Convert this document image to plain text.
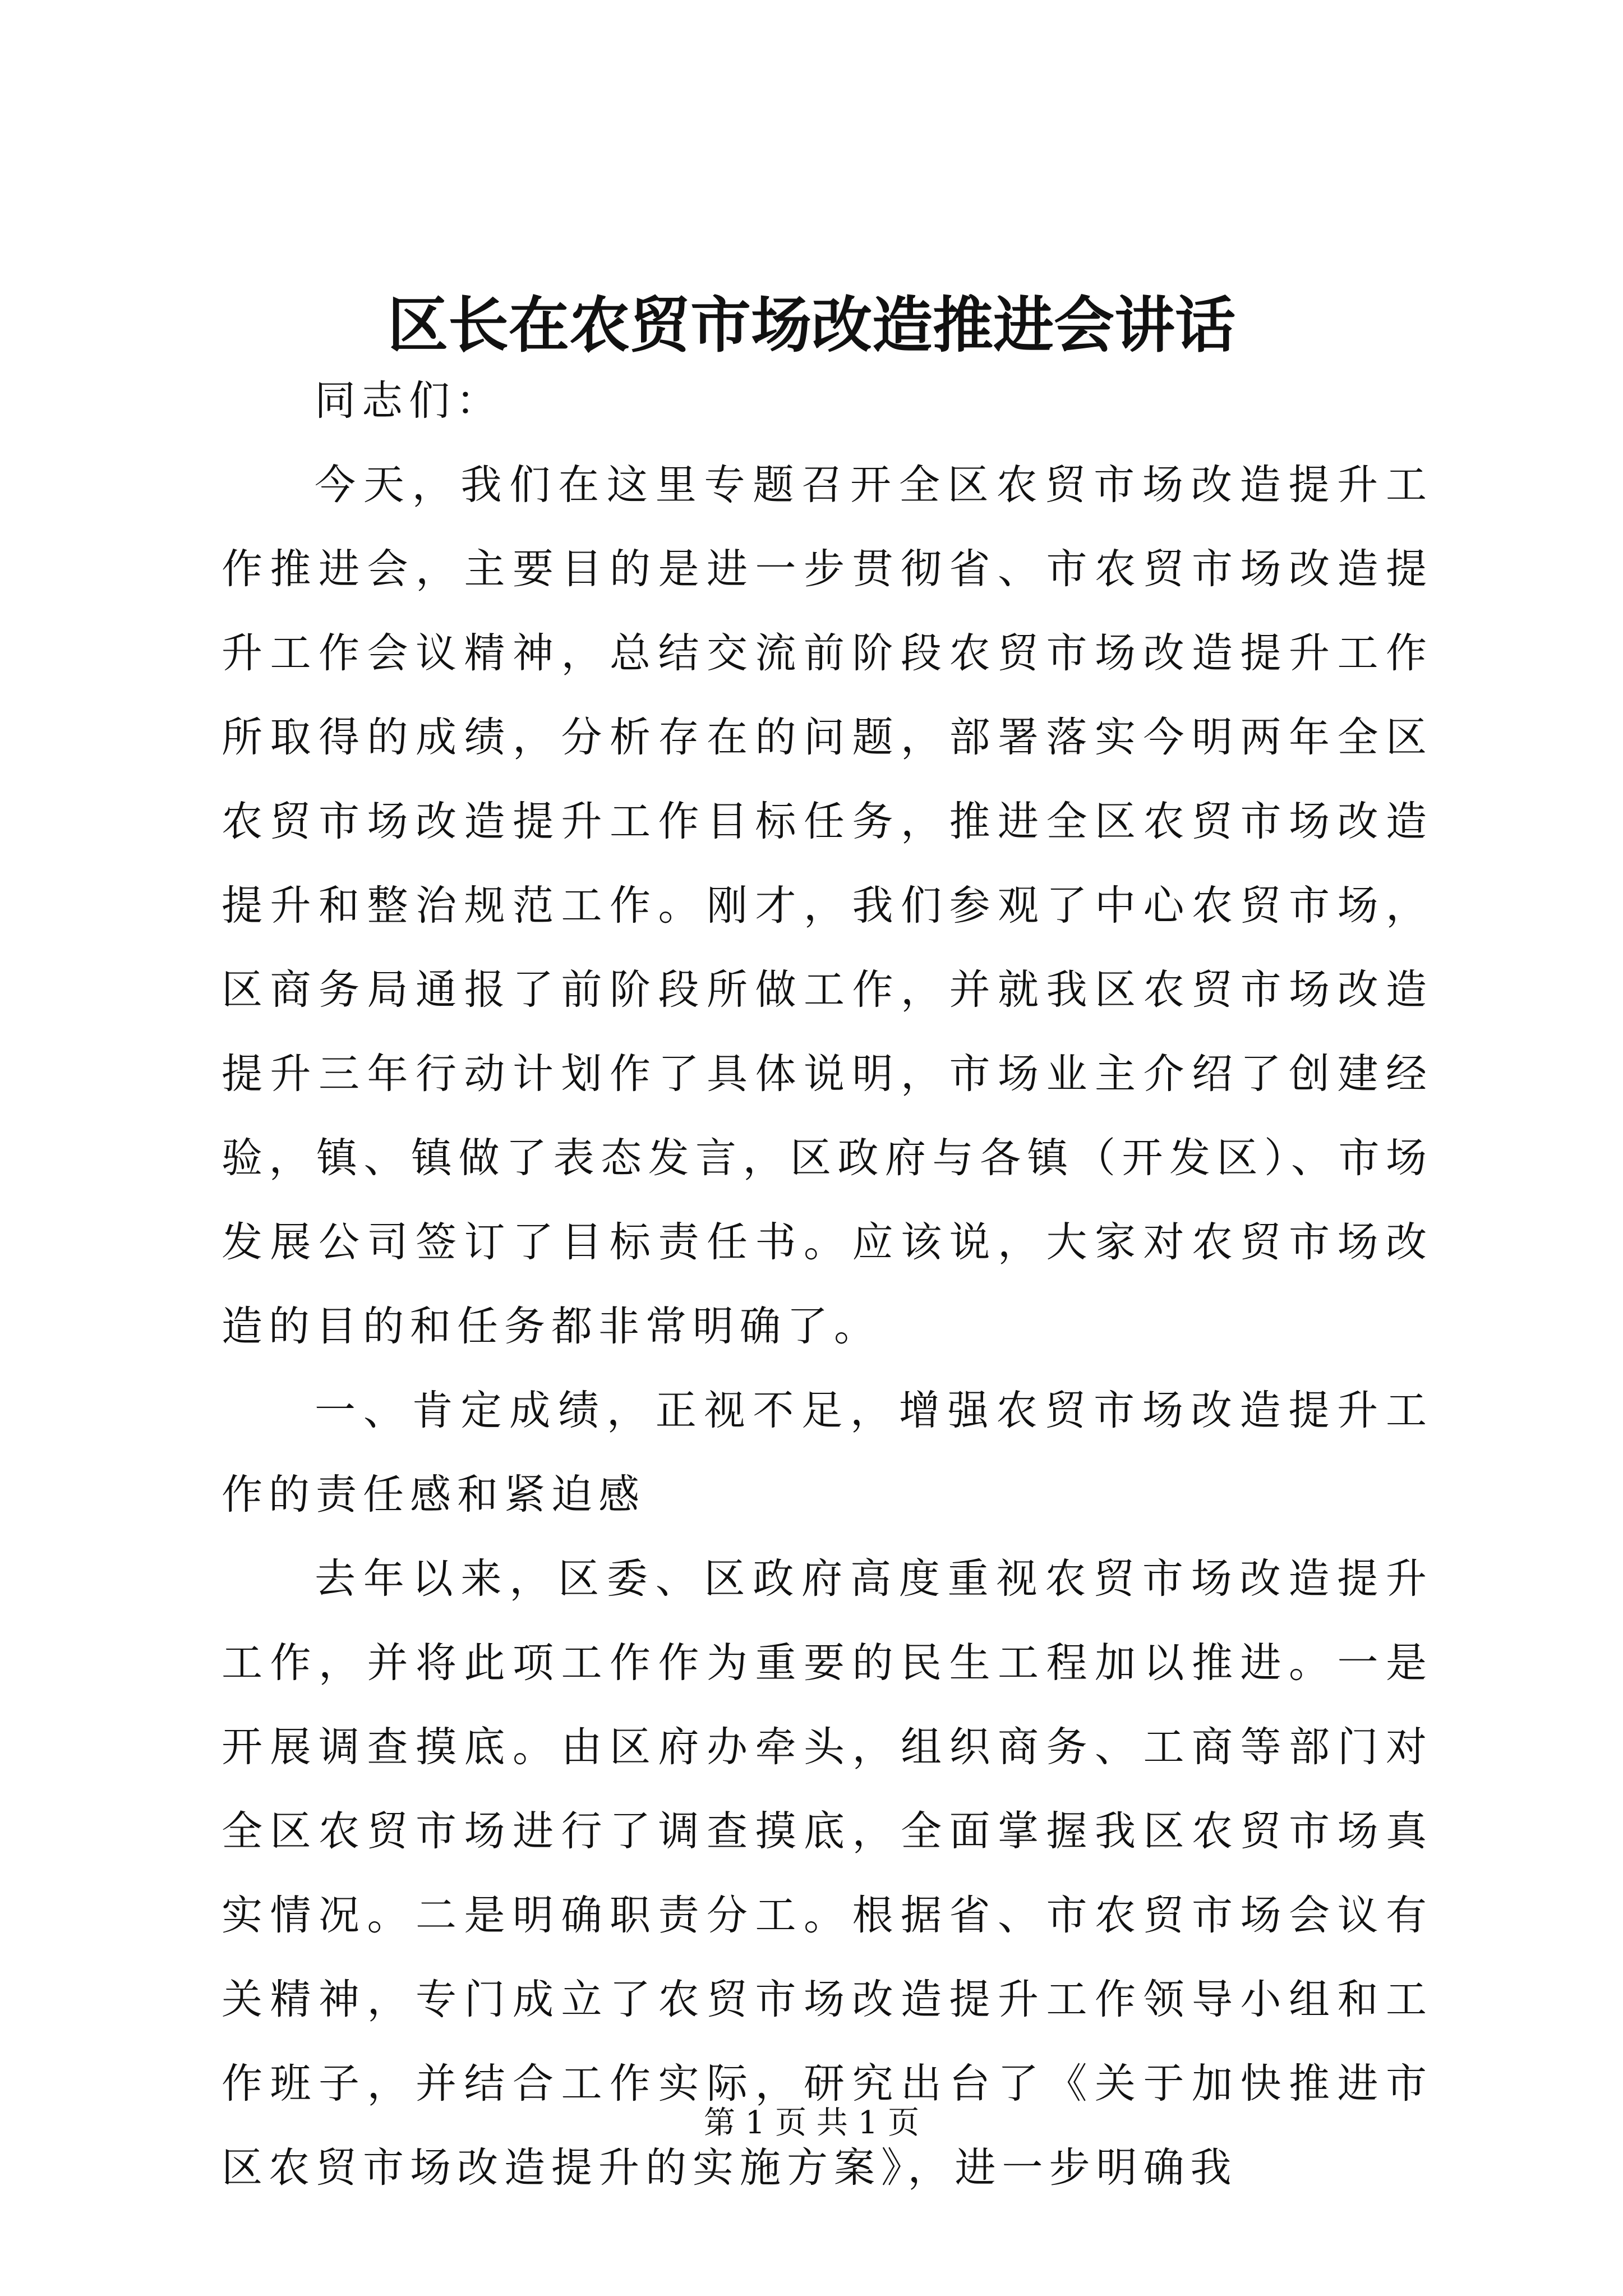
区长在农贸市场改造推进会讲话

同志们：

今天，我们在这里专题召开全区农贸市场改造提升工作推进会，主要目的是进一步贯彻省、市农贸市场改造提升工作会议精神，总结交流前阶段农贸市场改造提升工作所取得的成绩，分析存在的问题，部署落实今明两年全区农贸市场改造提升工作目标任务，推进全区农贸市场改造提升和整治规范工作。刚才，我们参观了中心农贸市场，区商务局通报了前阶段所做工作，并就我区农贸市场改造提升三年行动计划作了具体说明，市场业主介绍了创建经验，镇、镇做了表态发言，区政府与各镇（开发区）、市场发展公司签订了目标责任书。应该说，大家对农贸市场改造的目的和任务都非常明确了。

一、肯定成绩，正视不足，增强农贸市场改造提升工作的责任感和紧迫感

去年以来，区委、区政府高度重视农贸市场改造提升工作，并将此项工作作为重要的民生工程加以推进。一是开展调查摸底。由区府办牵头，组织商务、工商等部门对全区农贸市场进行了调查摸底，全面掌握我区农贸市场真实情况。二是明确职责分工。根据省、市农贸市场会议有关精神，专门成立了农贸市场改造提升工作领导小组和工作班子，并结合工作实际，研究出台了《关于加快推进市区农贸市场改造提升的实施方案》，进一步明确我

第 1 页 共 1 页
